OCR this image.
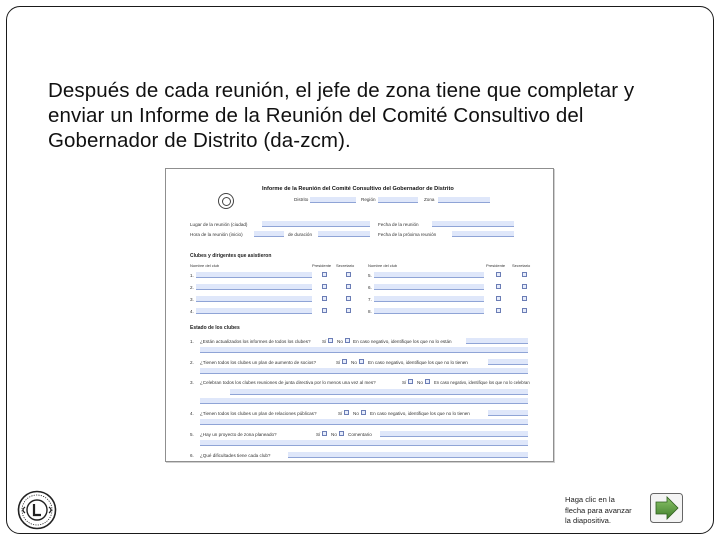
Después de cada reunión, el jefe de zona tiene que completar y enviar un Informe de la Reunión del Comité Consultivo del Gobernador de Distrito (da-zcm).

Informe de la Reunión del Comité Consultivo del Gobernador de Distrito
Distrito	Región	Zona
Lugar de la reunión (ciudad)	Fecha de la reunión
Hora de la reunión (inicio)	de duración	Fecha de la próxima reunión
Clubes y dirigentes que asistieron
Nombre del club	Presidente Secretario	Nombre del club	Presidente Secretario
1.	5.
2.	6.
3.	7.
4.	8.
Estado de los clubes
1. ¿Están actualizados los informes de todos los clubes? Sí No En caso negativo, identifique los que no lo están
2. ¿Tienen todos los clubes un plan de aumento de socios?	Sí No En caso negativo, identifique los que no lo tienen
3. ¿Celebran todos los clubes reuniones de junta directiva por lo menos una vez al mes?	Sí No	En caso negativo, identifique los que no lo celebran
4. ¿Tienen todos los clubes un plan de relaciones públicas?	Sí No En caso negativo, identifique los que no lo tienen
5. ¿Hay un proyecto de zona planeado?	Sí No Comentario
6. ¿Qué dificultades tiene cada club?
Haga clic en la flecha para avanzar la diapositiva.
